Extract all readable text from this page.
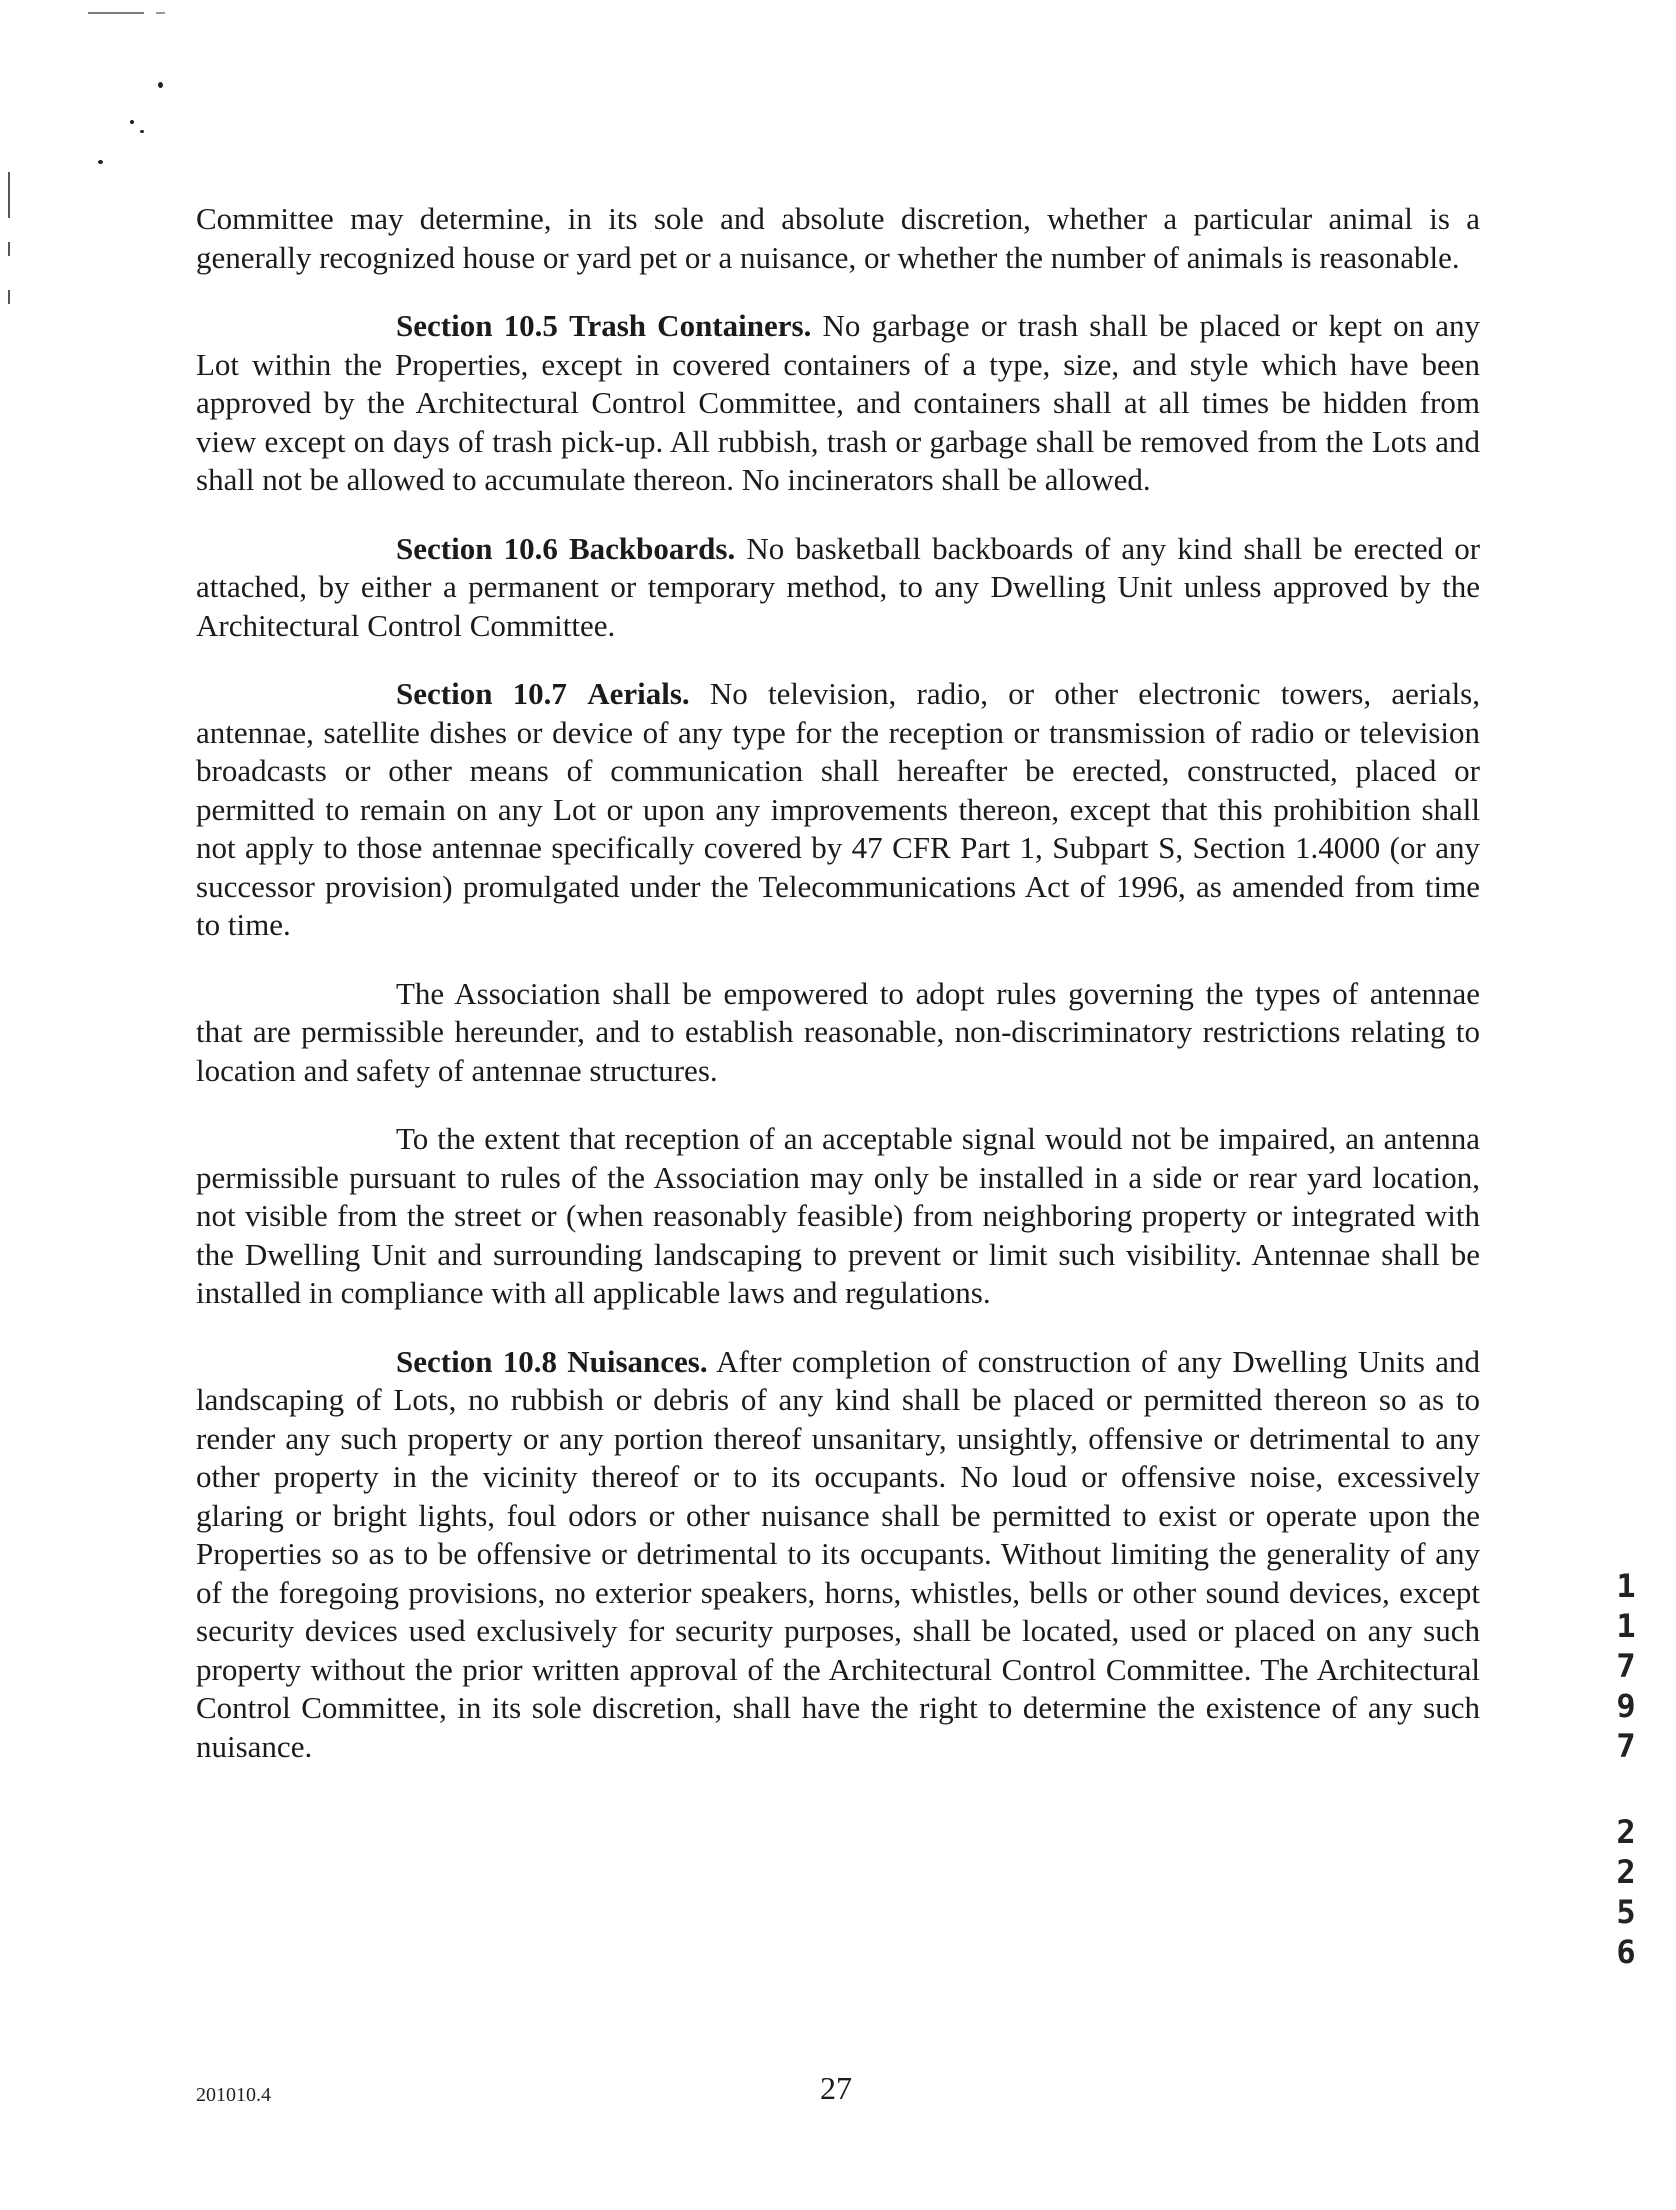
Committee may determine, in its sole and absolute discretion, whether a particular animal is a generally recognized house or yard pet or a nuisance, or whether the number of animals is reasonable.

Section 10.5 Trash Containers. No garbage or trash shall be placed or kept on any Lot within the Properties, except in covered containers of a type, size, and style which have been approved by the Architectural Control Committee, and containers shall at all times be hidden from view except on days of trash pick-up. All rubbish, trash or garbage shall be removed from the Lots and shall not be allowed to accumulate thereon. No incinerators shall be allowed.

Section 10.6 Backboards. No basketball backboards of any kind shall be erected or attached, by either a permanent or temporary method, to any Dwelling Unit unless approved by the Architectural Control Committee.

Section 10.7 Aerials. No television, radio, or other electronic towers, aerials, antennae, satellite dishes or device of any type for the reception or transmission of radio or television broadcasts or other means of communication shall hereafter be erected, constructed, placed or permitted to remain on any Lot or upon any improvements thereon, except that this prohibition shall not apply to those antennae specifically covered by 47 CFR Part 1, Subpart S, Section 1.4000 (or any successor provision) promulgated under the Telecommunications Act of 1996, as amended from time to time.

The Association shall be empowered to adopt rules governing the types of antennae that are permissible hereunder, and to establish reasonable, non-discriminatory restrictions relating to location and safety of antennae structures.

To the extent that reception of an acceptable signal would not be impaired, an antenna permissible pursuant to rules of the Association may only be installed in a side or rear yard location, not visible from the street or (when reasonably feasible) from neighboring property or integrated with the Dwelling Unit and surrounding landscaping to prevent or limit such visibility. Antennae shall be installed in compliance with all applicable laws and regulations.

Section 10.8 Nuisances. After completion of construction of any Dwelling Units and landscaping of Lots, no rubbish or debris of any kind shall be placed or permitted thereon so as to render any such property or any portion thereof unsanitary, unsightly, offensive or detrimental to any other property in the vicinity thereof or to its occupants. No loud or offensive noise, excessively glaring or bright lights, foul odors or other nuisance shall be permitted to exist or operate upon the Properties so as to be offensive or detrimental to its occupants. Without limiting the generality of any of the foregoing provisions, no exterior speakers, horns, whistles, bells or other sound devices, except security devices used exclusively for security purposes, shall be located, used or placed on any such property without the prior written approval of the Architectural Control Committee. The Architectural Control Committee, in its sole discretion, shall have the right to determine the existence of any such nuisance.

1
1
7
9
7
2
2
5
6
201010.4	27
